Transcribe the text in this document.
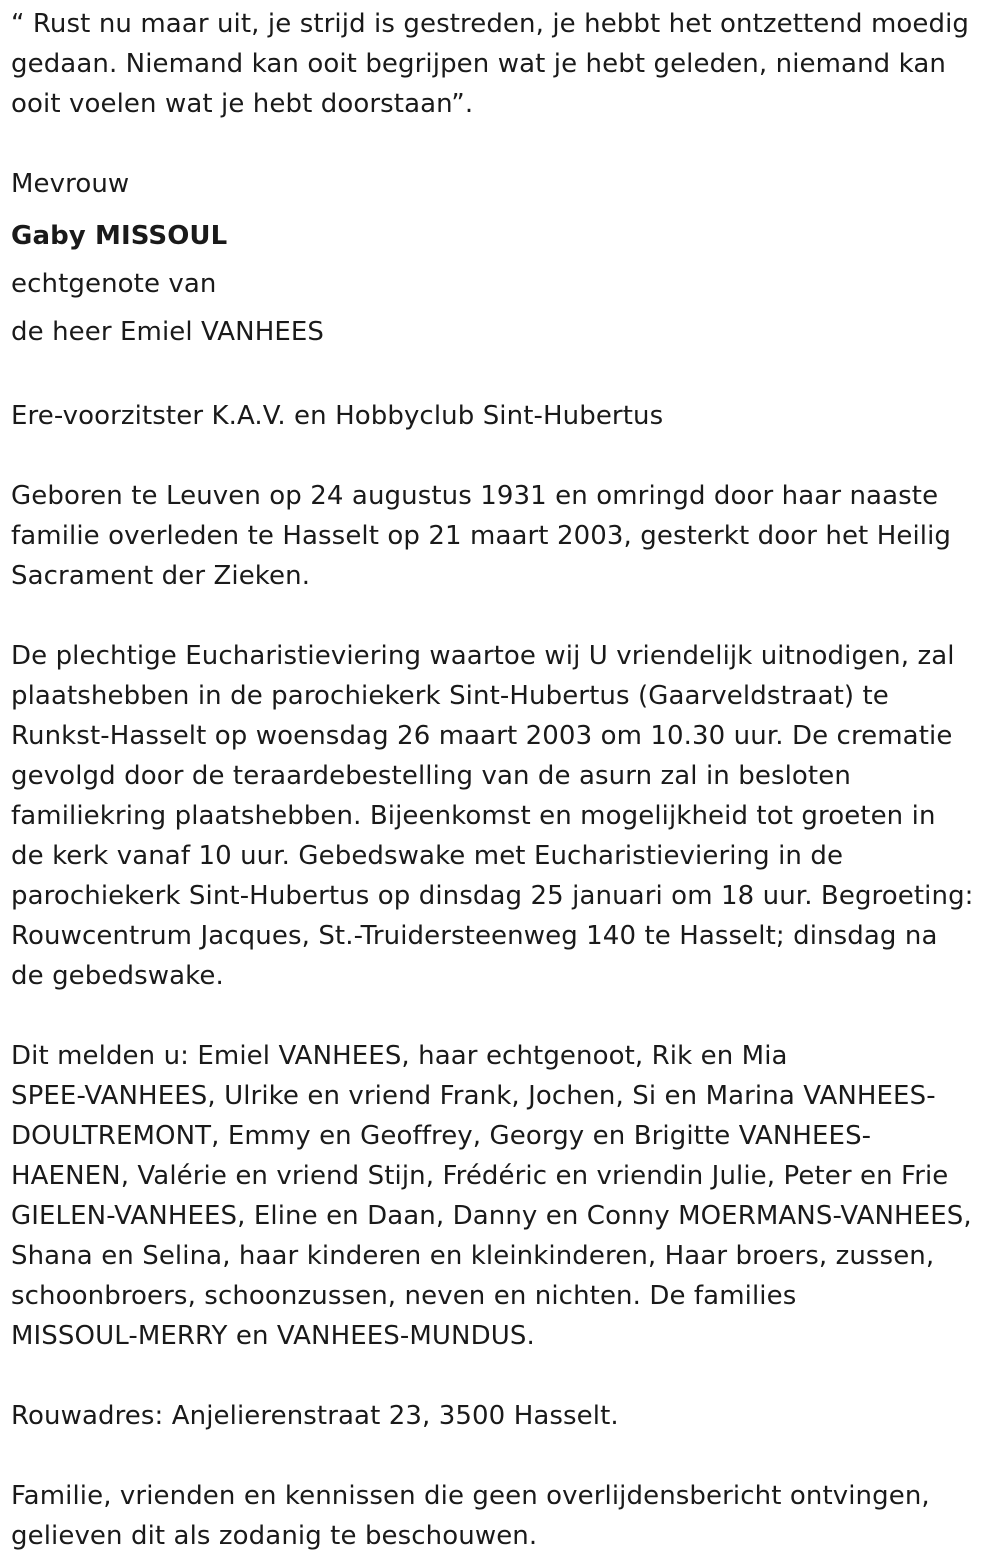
“ Rust nu maar uit, je strijd is gestreden, je hebbt het ontzettend moedig

gedaan. Niemand kan ooit begrijpen wat je hebt geleden, niemand kan

ooit voelen wat je hebt doorstaan”.

Mevrouw

Gaby MISSOUL

echtgenote van

de heer Emiel VANHEES

Ere-voorzitster K.A.V. en Hobbyclub Sint-Hubertus

Geboren te Leuven op 24 augustus 1931 en omringd door haar naaste

familie overleden te Hasselt op 21 maart 2003, gesterkt door het Heilig

Sacrament der Zieken.

De plechtige Eucharistieviering waartoe wij U vriendelijk uitnodigen, zal

plaatshebben in de parochiekerk Sint-Hubertus (Gaarveldstraat) te

Runkst-Hasselt op woensdag 26 maart 2003 om 10.30 uur. De crematie

gevolgd door de teraardebestelling van de asurn zal in besloten

familiekring plaatshebben. Bijeenkomst en mogelijkheid tot groeten in

de kerk vanaf 10 uur. Gebedswake met Eucharistieviering in de

parochiekerk Sint-Hubertus op dinsdag 25 januari om 18 uur. Begroeting:

Rouwcentrum Jacques, St.-Truidersteenweg 140 te Hasselt; dinsdag na

de gebedswake.

Dit melden u: Emiel VANHEES, haar echtgenoot, Rik en Mia

SPEE-VANHEES, Ulrike en vriend Frank, Jochen, Si en Marina VANHEES-

DOULTREMONT, Emmy en Geoffrey, Georgy en Brigitte VANHEES-

HAENEN, Valérie en vriend Stijn, Frédéric en vriendin Julie, Peter en Frie

GIELEN-VANHEES, Eline en Daan, Danny en Conny MOERMANS-VANHEES,

Shana en Selina, haar kinderen en kleinkinderen, Haar broers, zussen,

schoonbroers, schoonzussen, neven en nichten. De families

MISSOUL-MERRY en VANHEES-MUNDUS.

Rouwadres: Anjelierenstraat 23, 3500 Hasselt.

Familie, vrienden en kennissen die geen overlijdensbericht ontvingen,

gelieven dit als zodanig te beschouwen.
